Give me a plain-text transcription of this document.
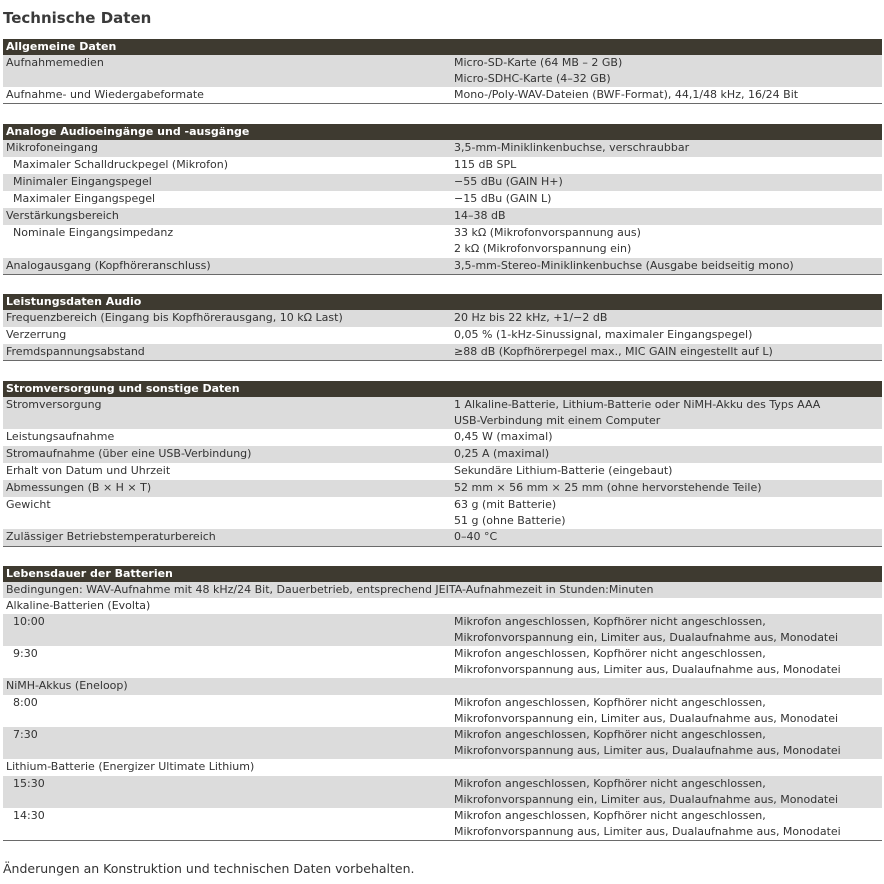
Technische Daten
Allgemeine Daten
Aufnahmemedien	Micro-SD-Karte (64 MB – 2 GB)
Micro-SDHC-Karte (4–32 GB)
Aufnahme- und Wiedergabeformate	Mono-/Poly-WAV-Dateien (BWF-Format), 44,1/48 kHz, 16/24 Bit
Analoge Audioeingänge und -ausgänge
Mikrofoneingang	3,5-mm-Miniklinkenbuchse, verschraubbar
Maximaler Schalldruckpegel (Mikrofon)	115 dB SPL
Minimaler Eingangspegel	−55 dBu (GAIN H+)
Maximaler Eingangspegel	−15 dBu (GAIN L)
Verstärkungsbereich	14–38 dB
Nominale Eingangsimpedanz	33 kΩ (Mikrofonvorspannung aus)
2 kΩ (Mikrofonvorspannung ein)
Analogausgang (Kopfhöreranschluss)	3,5-mm-Stereo-Miniklinkenbuchse (Ausgabe beidseitig mono)
Leistungsdaten Audio
Frequenzbereich (Eingang bis Kopfhörerausgang, 10 kΩ Last)	20 Hz bis 22 kHz, +1/−2 dB
Verzerrung	0,05 % (1-kHz-Sinussignal, maximaler Eingangspegel)
Fremdspannungsabstand	≥88 dB (Kopfhörerpegel max., MIC GAIN eingestellt auf L)
Stromversorgung und sonstige Daten
Stromversorgung	1 Alkaline-Batterie, Lithium-Batterie oder NiMH-Akku des Typs AAA
USB-Verbindung mit einem Computer
Leistungsaufnahme	0,45 W (maximal)
Stromaufnahme (über eine USB-Verbindung)	0,25 A (maximal)
Erhalt von Datum und Uhrzeit	Sekundäre Lithium-Batterie (eingebaut)
Abmessungen (B × H × T)	52 mm × 56 mm × 25 mm (ohne hervorstehende Teile)
Gewicht	63 g (mit Batterie)
51 g (ohne Batterie)
Zulässiger Betriebstemperaturbereich	0–40 °C
Lebensdauer der Batterien
Bedingungen: WAV-Aufnahme mit 48 kHz/24 Bit, Dauerbetrieb, entsprechend JEITA-Aufnahmezeit in Stunden:Minuten
Alkaline-Batterien (Evolta)
10:00	Mikrofon angeschlossen, Kopfhörer nicht angeschlossen,
Mikrofonvorspannung ein, Limiter aus, Dualaufnahme aus, Monodatei
9:30	Mikrofon angeschlossen, Kopfhörer nicht angeschlossen,
Mikrofonvorspannung aus, Limiter aus, Dualaufnahme aus, Monodatei
NiMH-Akkus (Eneloop)
8:00	Mikrofon angeschlossen, Kopfhörer nicht angeschlossen,
Mikrofonvorspannung ein, Limiter aus, Dualaufnahme aus, Monodatei
7:30	Mikrofon angeschlossen, Kopfhörer nicht angeschlossen,
Mikrofonvorspannung aus, Limiter aus, Dualaufnahme aus, Monodatei
Lithium-Batterie (Energizer Ultimate Lithium)
15:30	Mikrofon angeschlossen, Kopfhörer nicht angeschlossen,
Mikrofonvorspannung ein, Limiter aus, Dualaufnahme aus, Monodatei
14:30	Mikrofon angeschlossen, Kopfhörer nicht angeschlossen,
Mikrofonvorspannung aus, Limiter aus, Dualaufnahme aus, Monodatei
Änderungen an Konstruktion und technischen Daten vorbehalten.
